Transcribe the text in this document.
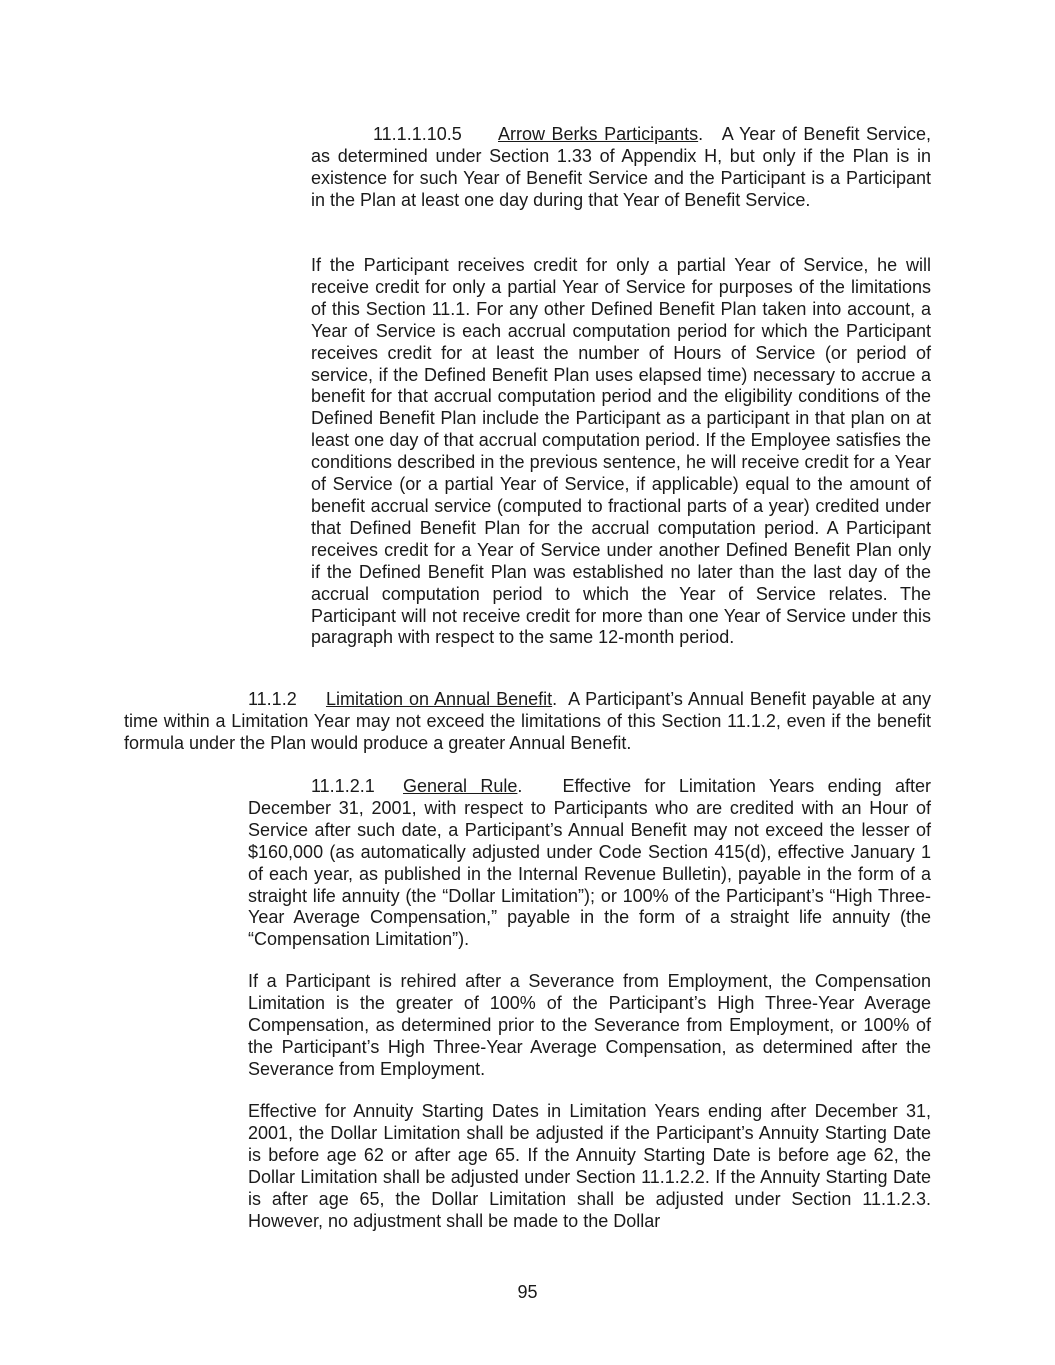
11.1.1.10.5 Arrow Berks Participants.   A Year of Benefit Service, as determined under Section 1.33 of Appendix H, but only if the Plan is in existence for such Year of Benefit Service and the Participant is a Participant in the Plan at least one day during that Year of Benefit Service.

If the Participant receives credit for only a partial Year of Service, he will receive credit for only a partial Year of Service for purposes of the limitations of this Section 11.1. For any other Defined Benefit Plan taken into account, a Year of Service is each accrual computation period for which the Participant receives credit for at least the number of Hours of Service (or period of service, if the Defined Benefit Plan uses elapsed time) necessary to accrue a benefit for that accrual computation period and the eligibility conditions of the Defined Benefit Plan include the Participant as a participant in that plan on at least one day of that accrual computation period. If the Employee satisfies the conditions described in the previous sentence, he will receive credit for a Year of Service (or a partial Year of Service, if applicable) equal to the amount of benefit accrual service (computed to fractional parts of a year) credited under that Defined Benefit Plan for the accrual computation period. A Participant receives credit for a Year of Service under another Defined Benefit Plan only if the Defined Benefit Plan was established no later than the last day of the accrual computation period to which the Year of Service relates. The Participant will not receive credit for more than one Year of Service under this paragraph with respect to the same 12-month period.

11.1.2 Limitation on Annual Benefit.  A Participant’s Annual Benefit payable at any time within a Limitation Year may not exceed the limitations of this Section 11.1.2, even if the benefit formula under the Plan would produce a greater Annual Benefit.

11.1.2.1 General Rule.   Effective for Limitation Years ending after December 31, 2001, with respect to Participants who are credited with an Hour of Service after such date, a Participant’s Annual Benefit may not exceed the lesser of $160,000 (as automatically adjusted under Code Section 415(d), effective January 1 of each year, as published in the Internal Revenue Bulletin), payable in the form of a straight life annuity (the “Dollar Limitation”); or 100% of the Participant’s “High Three-Year Average Compensation,” payable in the form of a straight life annuity (the “Compensation Limitation”).

If a Participant is rehired after a Severance from Employment, the Compensation Limitation is the greater of 100% of the Participant’s High Three-Year Average Compensation, as determined prior to the Severance from Employment, or 100% of the Participant’s High Three-Year Average Compensation, as determined after the Severance from Employment.

Effective for Annuity Starting Dates in Limitation Years ending after December 31, 2001, the Dollar Limitation shall be adjusted if the Participant’s Annuity Starting Date is before age 62 or after age 65. If the Annuity Starting Date is before age 62, the Dollar Limitation shall be adjusted under Section 11.1.2.2. If the Annuity Starting Date is after age 65, the Dollar Limitation shall be adjusted under Section 11.1.2.3. However, no adjustment shall be made to the Dollar

95
